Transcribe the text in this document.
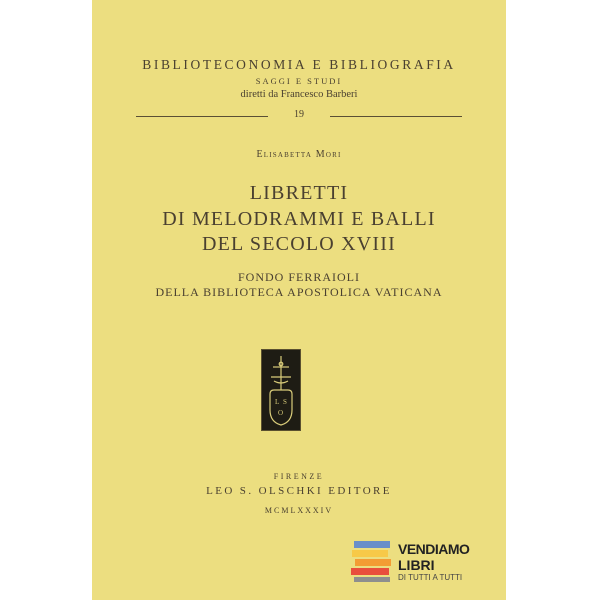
BIBLIOTECONOMIA E BIBLIOGRAFIA
SAGGI E STUDI
diretti da Francesco Barberi
19
Elisabetta Mori
LIBRETTI
DI MELODRAMMI E BALLI
DEL SECOLO XVIII
FONDO FERRAIOLI
DELLA BIBLIOTECA APOSTOLICA VATICANA
L S
O
FIRENZE
LEO S. OLSCHKI EDITORE
MCMLXXXIV
VENDIAMO
LIBRI
DI TUTTI A TUTTI
